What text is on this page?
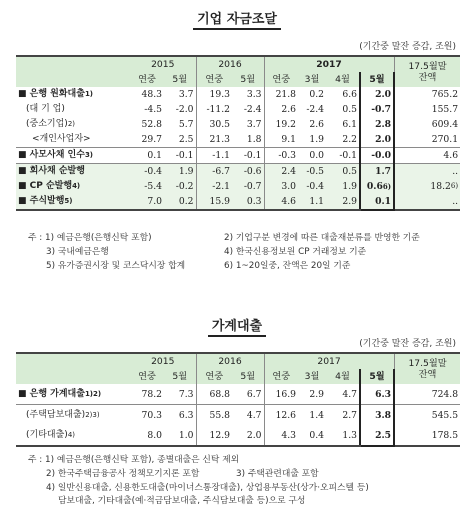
기업 자금조달
(기간중 말잔 증감, 조원)
	2015		2016		2017				17.5월말
잔액

	연중	5월	연중	5월	연중	3월	4월	5월	
■ 은행 원화대출$^{1)}$	48.3	3.7	19.3	3.3	21.8	0.2	6.6	2.0	765.2
(대 기 업)	-4.5	-2.0	-11.2	-2.4	2.6	-2.4	0.5	-0.7	155.7
(중소기업)$^{2)}$	52.8	5.7	30.5	3.7	19.2	2.6	6.1	2.8	609.4
<개인사업자>	29.7	2.5	21.3	1.8	9.1	1.9	2.2	2.0	270.1
■ 사모사채 인수$^{3)}$	0.1	-0.1	-1.1	-0.1	-0.3	0.0	-0.1	-0.0	4.6
■ 회사채 순발행	-0.4	1.9	-6.7	-0.6	2.4	-0.5	0.5	1.7	..
■ CP 순발행$^{4)}$	-5.4	-0.2	-2.1	-0.7	3.0	-0.4	1.9	0.6$^{6)}$	18.2$^{6)}$
■ 주식발행$^{5)}$	7.0	0.2	15.9	0.3	4.6	1.1	2.9	0.1	..
주 : 1) 예금은행(은행신탁 포함)	2) 기업구분 변경에 따른 대출재분류를 반영한 기준
3) 국내예금은행	4) 한국신용정보원 CP 거래정보 기준
5) 유가증권시장 및 코스닥시장 합계	6) 1~20일중, 잔액은 20일 기준
가계대출
(기간중 말잔 증감, 조원)
	2015		2016		2017				17.5월말
잔액

	연중	5월	연중	5월	연중	3월	4월	5월	
■ 은행 가계대출$^{1)2)}$	78.2	7.3	68.8	6.7	16.9	2.9	4.7	6.3	724.8
(주택담보대출)$^{2)3)}$	70.3	6.3	55.8	4.7	12.6	1.4	2.7	3.8	545.5
(기타대출)$^{4)}$	8.0	1.0	12.9	2.0	4.3	0.4	1.3	2.5	178.5
주 : 1) 예금은행(은행신탁 포함), 종별대출은 신탁 제외
2) 한국주택금융공사 정책모기지론 포함	3) 주택관련대출 포함
4) 일반신용대출, 신용한도대출(마이너스통장대출), 상업용부동산(상가·오피스텔 등)
담보대출, 기타대출(예·적금담보대출, 주식담보대출 등)으로 구성
